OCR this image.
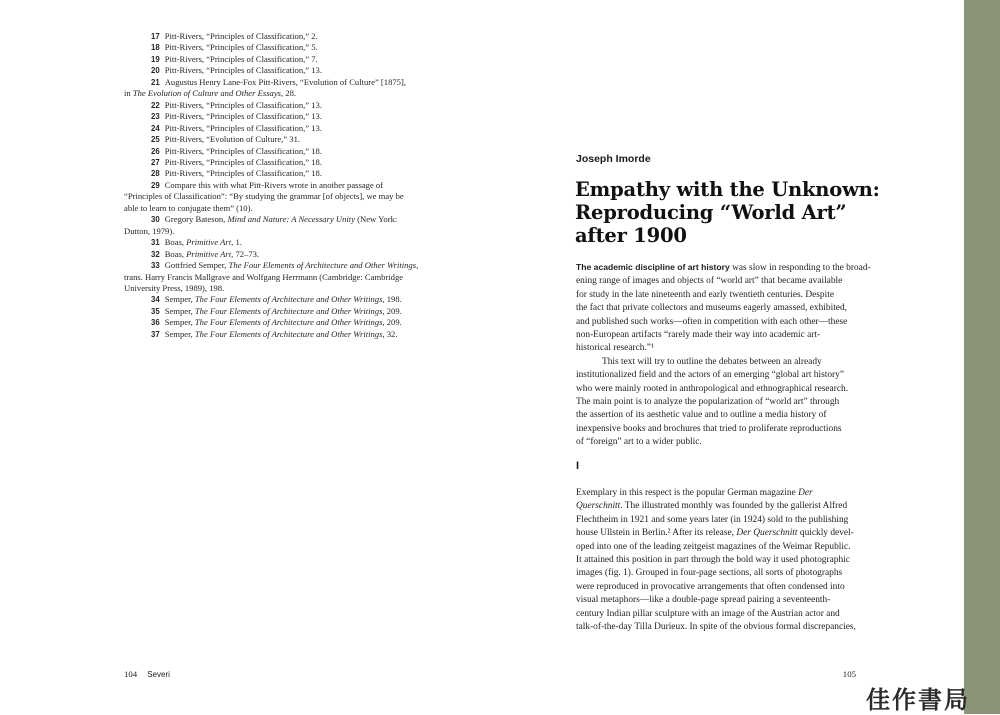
17 Pitt-Rivers, “Principles of Classification,” 2.
18 Pitt-Rivers, “Principles of Classification,” 5.
19 Pitt-Rivers, “Principles of Classification,” 7.
20 Pitt-Rivers, “Principles of Classification,” 13.
21 Augustus Henry Lane-Fox Pitt-Rivers, “Evolution of Culture” [1875],
in The Evolution of Culture and Other Essays, 28.
22 Pitt-Rivers, “Principles of Classification,” 13.
23 Pitt-Rivers, “Principles of Classification,” 13.
24 Pitt-Rivers, “Principles of Classification,” 13.
25 Pitt-Rivers, “Evolution of Culture,” 31.
26 Pitt-Rivers, “Principles of Classification,” 18.
27 Pitt-Rivers, “Principles of Classification,” 18.
28 Pitt-Rivers, “Principles of Classification,” 18.
29 Compare this with what Pitt-Rivers wrote in another passage of
“Principles of Classification”: “By studying the grammar [of objects], we may be
able to learn to conjugate them” (10).
30 Gregory Bateson, Mind and Nature: A Necessary Unity (New York:
Dutton, 1979).
31 Boas, Primitive Art, 1.
32 Boas, Primitive Art, 72–73.
33 Gottfried Semper, The Four Elements of Architecture and Other Writings,
trans. Harry Francis Mallgrave and Wolfgang Herrmann (Cambridge: Cambridge
University Press, 1989), 198.
34 Semper, The Four Elements of Architecture and Other Writings, 198.
35 Semper, The Four Elements of Architecture and Other Writings, 209.
36 Semper, The Four Elements of Architecture and Other Writings, 209.
37 Semper, The Four Elements of Architecture and Other Writings, 32.
104 Severi
Joseph Imorde
Empathy with the Unknown:
Reproducing “World Art”
after 1900
The academic discipline of art history was slow in responding to the broad-
ening range of images and objects of “world art” that became available
for study in the late nineteenth and early twentieth centuries. Despite
the fact that private collectors and museums eagerly amassed, exhibited,
and published such works—often in competition with each other—these
non-European artifacts “rarely made their way into academic art-
historical research.”¹
This text will try to outline the debates between an already
institutionalized field and the actors of an emerging “global art history”
who were mainly rooted in anthropological and ethnographical research.
The main point is to analyze the popularization of “world art” through
the assertion of its aesthetic value and to outline a media history of
inexpensive books and brochures that tried to proliferate reproductions
of “foreign” art to a wider public.
I
Exemplary in this respect is the popular German magazine Der
Querschnitt. The illustrated monthly was founded by the gallerist Alfred
Flechtheim in 1921 and some years later (in 1924) sold to the publishing
house Ullstein in Berlin.² After its release, Der Querschnitt quickly devel-
oped into one of the leading zeitgeist magazines of the Weimar Republic.
It attained this position in part through the bold way it used photographic
images (fig. 1). Grouped in four-page sections, all sorts of photographs
were reproduced in provocative arrangements that often condensed into
visual metaphors—like a double-page spread pairing a seventeenth-
century Indian pillar sculpture with an image of the Austrian actor and
talk-of-the-day Tilla Durieux. In spite of the obvious formal discrepancies,
105
佳作書局
